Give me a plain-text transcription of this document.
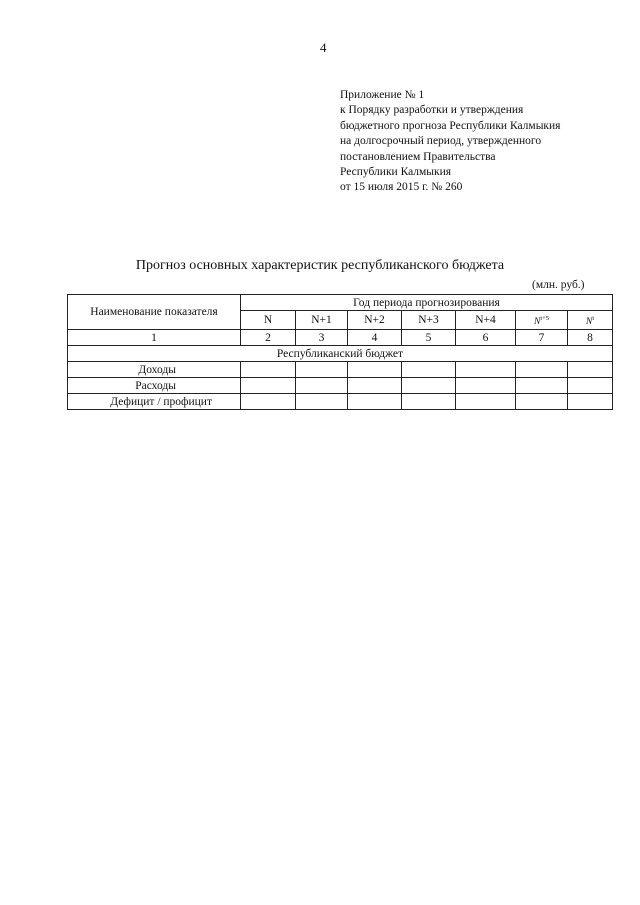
4
Приложение № 1
к Порядку разработки и утверждения
бюджетного прогноза Республики Калмыкия
на долгосрочный период, утвержденного
постановлением Правительства
Республики Калмыкия
от 15 июля 2015 г. № 260
Прогноз основных характеристик республиканского бюджета
(млн. руб.)
Наименование показателя	Год периода прогнозирования						
	N	N+1	N+2	N+3	N+4	$N^{i+5}$	$N^i$
1	2	3	4	5	6	7	8
Республиканский бюджет							
Доходы							
Расходы							
Дефицит / профицит							
